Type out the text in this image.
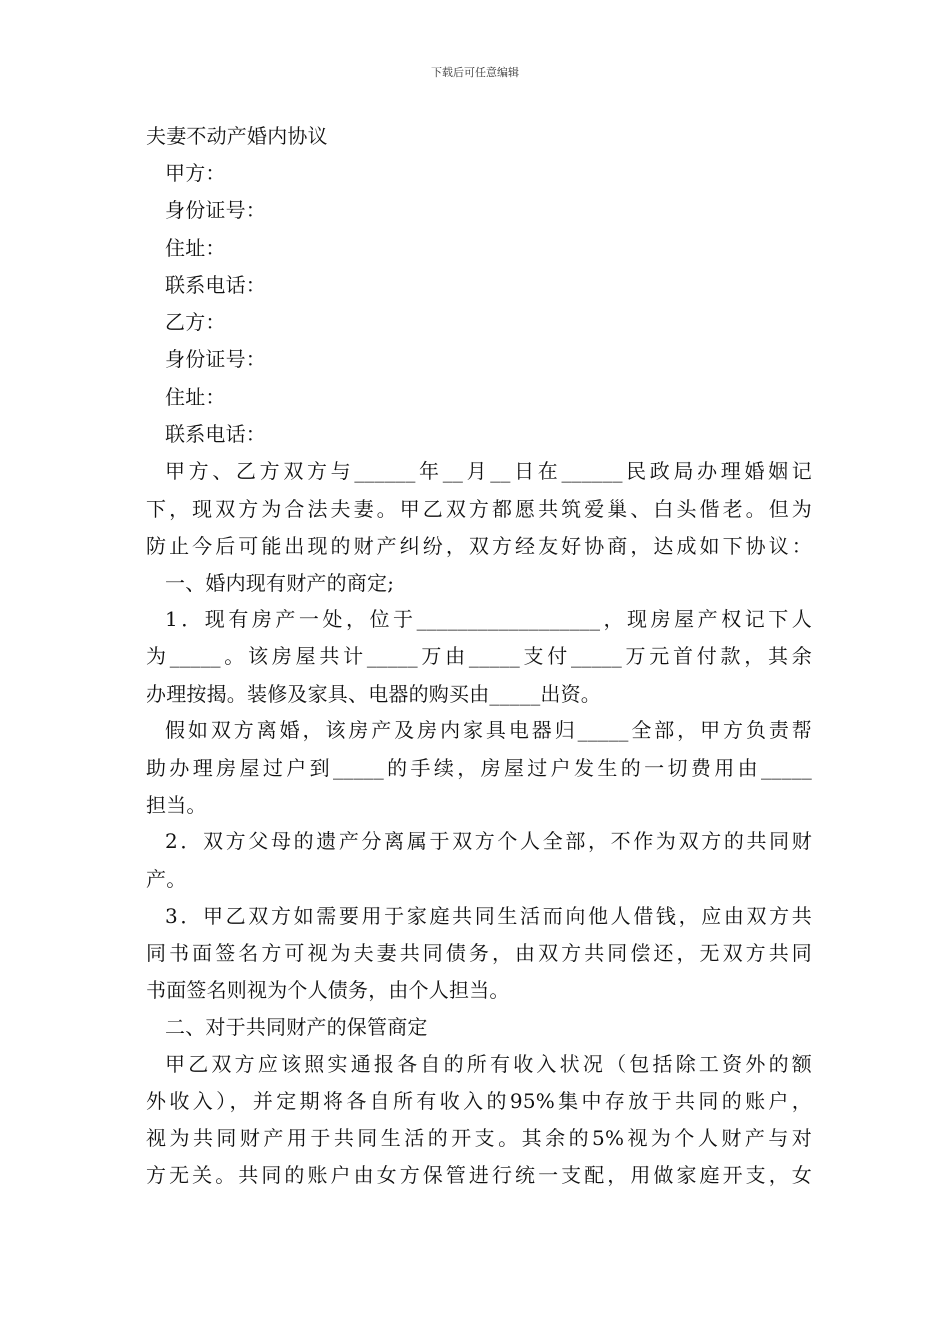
下载后可任意编辑
夫妻不动产婚内协议
甲方：
身份证号：
住址：
联系电话：
乙方：
身份证号：
住址：
联系电话：
甲方、乙方双方与______年__月__日在______民政局办理婚姻记
下，现双方为合法夫妻。甲乙双方都愿共筑爱巢、白头偕老。但为
防止今后可能出现的财产纠纷，双方经友好协商，达成如下协议：
一、婚内现有财产的商定;
1．现有房产一处，位于__________________，现房屋产权记下人
为_____。该房屋共计_____万由_____支付_____万元首付款，其余
办理按揭。装修及家具、电器的购买由_____出资。
假如双方离婚，该房产及房内家具电器归_____全部，甲方负责帮
助办理房屋过户到_____的手续，房屋过户发生的一切费用由_____
担当。
2．双方父母的遗产分离属于双方个人全部，不作为双方的共同财
产。
3．甲乙双方如需要用于家庭共同生活而向他人借钱，应由双方共
同书面签名方可视为夫妻共同债务，由双方共同偿还，无双方共同
书面签名则视为个人债务，由个人担当。
二、对于共同财产的保管商定
甲乙双方应该照实通报各自的所有收入状况（包括除工资外的额
外收入），并定期将各自所有收入的95%集中存放于共同的账户，
视为共同财产用于共同生活的开支。其余的5%视为个人财产与对
方无关。共同的账户由女方保管进行统一支配，用做家庭开支，女
